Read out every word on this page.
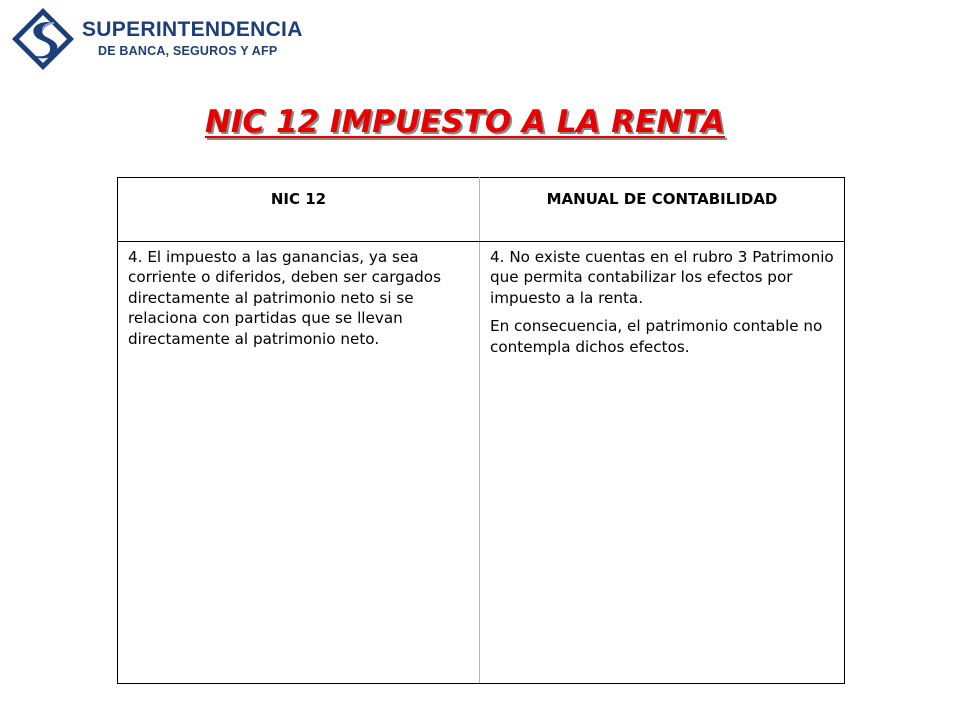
SUPERINTENDENCIA
DE BANCA, SEGUROS Y AFP
NIC 12 IMPUESTO A LA RENTA
NIC 12	MANUAL DE CONTABILIDAD

4. El impuesto a las ganancias, ya sea corriente o diferidos, deben ser cargados directamente al patrimonio neto si se relaciona con partidas que se llevan directamente al patrimonio neto.	4. No existe cuentas en el rubro 3 Patrimonio que permita contabilizar los efectos por impuesto a la renta.

En consecuencia, el patrimonio contable no contempla dichos efectos.
